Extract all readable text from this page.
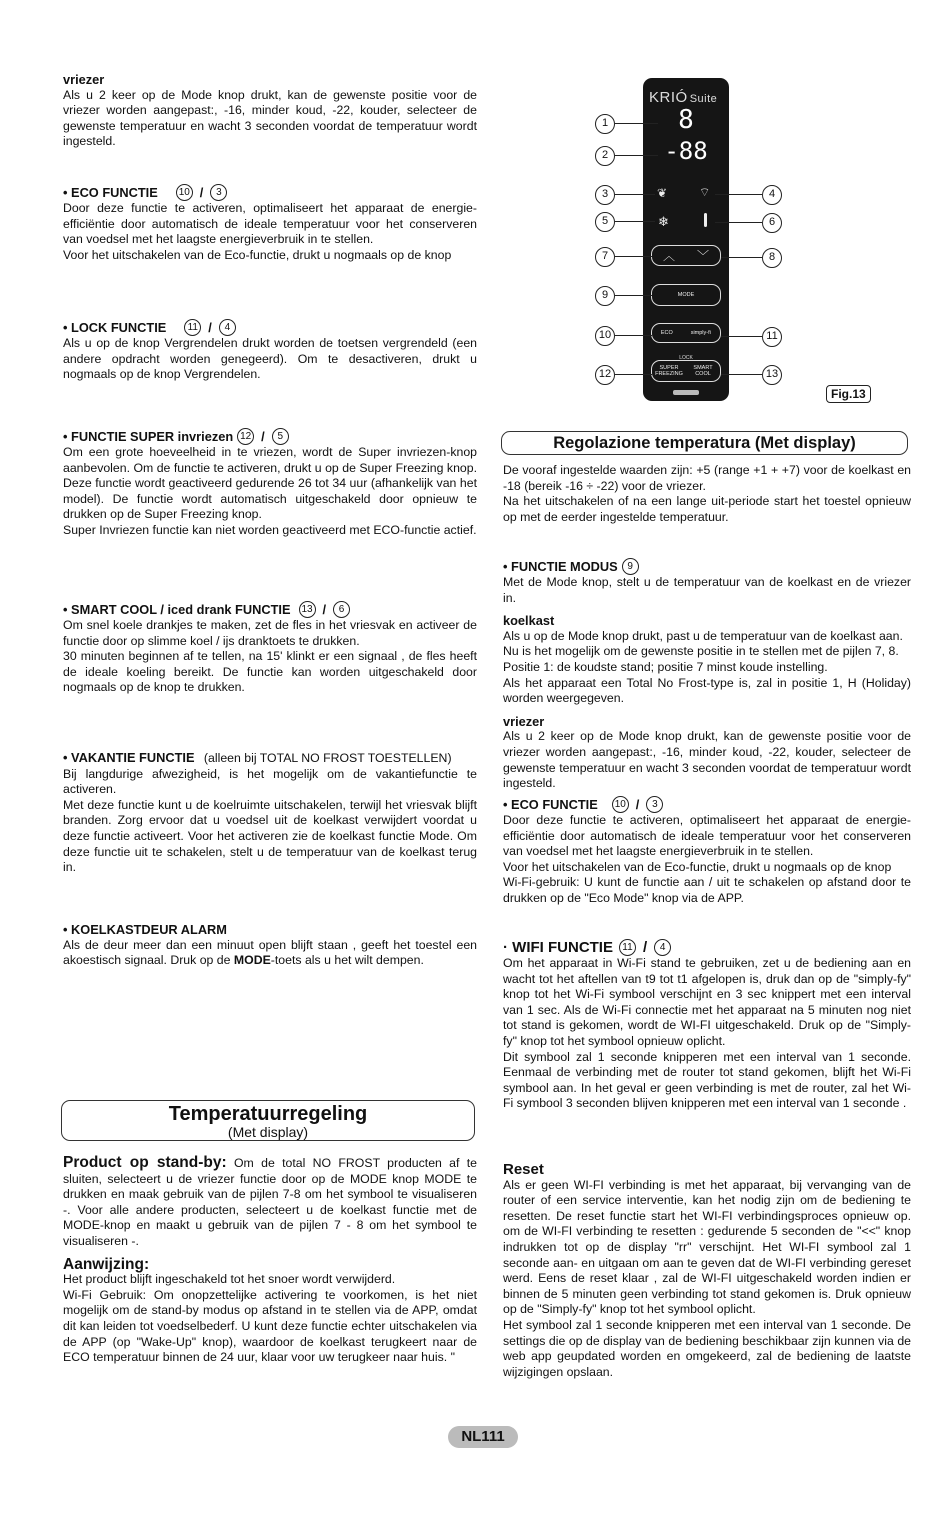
vriezer

Als u 2 keer op de Mode knop drukt, kan de gewenste positie voor de vriezer worden aangepast:, -16, minder koud, -22, kouder, selecteer de gewenste temperatuur en wacht 3 seconden voordat de temperatuur wordt ingesteld.

• ECO FUNCTIE 10 /	3

Door deze functie te activeren, optimaliseert het apparaat de energie-efficiëntie door automatisch de ideale temperatuur voor het conserveren van voedsel met het laagste energieverbruik in te stellen.

Voor het uitschakelen van de Eco-functie, drukt u nogmaals op de knop

• LOCK FUNCTIE	11 /	4

Als u op de knop Vergrendelen drukt worden de toetsen vergrendeld (een andere opdracht worden genegeerd). Om te desactiveren, drukt u nogmaals op de knop Vergrendelen.

• FUNCTIE SUPER invriezen 12 /	5

Om een grote hoeveelheid in te vriezen, wordt de Super invriezen-knop aanbevolen. Om de functie te activeren, drukt u op de Super Freezing knop. Deze functie wordt geactiveerd gedurende 26 tot 34 uur (afhankelijk van het model). De functie wordt automatisch uitgeschakeld door opnieuw te drukken op de Super Freezing knop.

Super Invriezen functie kan niet worden geactiveerd met ECO-functie actief.

• SMART COOL / iced drank FUNCTIE 13 /	6

Om snel koele drankjes te maken, zet de fles in het vriesvak en activeer de functie door op slimme koel / ijs dranktoets te drukken.

30 minuten beginnen af te tellen, na 15' klinkt er een signaal , de fles heeft de ideale koeling bereikt. De functie kan worden uitgeschakeld door nogmaals op de knop te drukken.

• VAKANTIE FUNCTIE (alleen bij TOTAL NO FROST TOESTELLEN)

Bij langdurige afwezigheid, is het mogelijk om de vakantiefunctie te activeren.

Met deze functie kunt u de koelruimte uitschakelen, terwijl het vriesvak blijft branden. Zorg ervoor dat u voedsel uit de koelkast verwijdert voordat u deze functie activeert. Voor het activeren zie de koelkast functie Mode. Om deze functie uit te schakelen, stelt u de temperatuur van de koelkast terug in.

• KOELKASTDEUR ALARM

Als de deur meer dan een minuut open blijft staan , geeft het toestel een akoestisch signaal. Druk op de MODE-toets als u het wilt dempen.

Temperatuurregeling
(Met display)

Product op stand-by: Om de total NO FROST producten af te sluiten, selecteert u de vriezer functie door op de MODE knop MODE te drukken en maak gebruik van de pijlen 7-8 om het symbool te visualiseren -. Voor alle andere producten, selecteert u de koelkast functie met de MODE-knop en maakt u gebruik van de pijlen 7 - 8 om het symbool te visualiseren -.

Aanwijzing:

Het product blijft ingeschakeld tot het snoer wordt verwijderd.

Wi-Fi Gebruik: Om onopzettelijke activering te voorkomen, is het niet mogelijk om de stand-by modus op afstand in te stellen via de APP, omdat dit kan leiden tot voedselbederf. U kunt deze functie echter uitschakelen via de APP (op "Wake-Up" knop), waardoor de koelkast terugkeert naar de ECO temperatuur binnen de 24 uur, klaar voor uw terugkeer naar huis. "

KRIÓ Suite
8
-88
❦	⌔
❄
︿	﹀
MODE
ECO	simply-fi
LOCK
SUPER FREEZING
SMART COOL
1
2
3	4
5	6
7	8
9
10	11
12	13
Fig.13
Regolazione temperatura (Met display)

De vooraf ingestelde waarden zijn: +5 (range +1 + +7) voor de koelkast en -18 (bereik -16 ÷ -22) voor de vriezer.

Na het uitschakelen of na een lange uit-periode start het toestel opnieuw op met de eerder ingestelde temperatuur.

• FUNCTIE MODUS 9

Met de Mode knop, stelt u de temperatuur van de koelkast en de vriezer in.

koelkast

Als u op de Mode knop drukt, past u de temperatuur van de koelkast aan.

Nu is het mogelijk om de gewenste positie in te stellen met de pijlen 7, 8.

Positie 1: de koudste stand; positie 7 minst koude instelling.

Als het apparaat een Total No Frost-type is, zal in positie 1, H (Holiday) worden weergegeven.

vriezer

Als u 2 keer op de Mode knop drukt, kan de gewenste positie voor de vriezer worden aangepast:, -16, minder koud, -22, kouder, selecteer de gewenste temperatuur en wacht 3 seconden voordat de temperatuur wordt ingesteld.

• ECO FUNCTIE 10 /	3

Door deze functie te activeren, optimaliseert het apparaat de energie-efficiëntie door automatisch de ideale temperatuur voor het conserveren van voedsel met het laagste energieverbruik in te stellen.

Voor het uitschakelen van de Eco-functie, drukt u nogmaals op de knop

Wi-Fi-gebruik: U kunt de functie aan / uit te schakelen op afstand door te drukken op de "Eco Mode" knop via de APP.

· WIFI FUNCTIE 11 /	4

Om het apparaat in Wi-Fi stand te gebruiken, zet u de bediening aan en wacht tot het aftellen van t9 tot t1 afgelopen is, druk dan op de "simply-fy" knop tot het Wi-Fi symbool verschijnt en 3 sec knippert met een interval van 1 sec. Als de Wi-Fi connectie met het apparaat na 5 minuten nog niet tot stand is gekomen, wordt de WI-FI uitgeschakeld. Druk op de "Simply-fy" knop tot het symbool opnieuw oplicht.

Dit symbool zal 1 seconde knipperen met een interval van 1 seconde. Eenmaal de verbinding met de router tot stand gekomen, blijft het Wi-Fi symbool aan. In het geval er geen verbinding is met de router, zal het Wi-Fi symbool 3 seconden blijven knipperen met een interval van 1 seconde .

Reset

Als er geen WI-FI verbinding is met het apparaat, bij vervanging van de router of een service interventie, kan het nodig zijn om de bediening te resetten. De reset functie start het WI-FI verbindingsproces opnieuw op. om de WI-FI verbinding te resetten : gedurende 5 seconden de "<<" knop indrukken tot op de display "rr" verschijnt. Het WI-FI symbool zal 1 seconde aan- en uitgaan om aan te geven dat de WI-FI verbinding gereset werd. Eens de reset klaar , zal de WI-FI uitgeschakeld worden indien er binnen de 5 minuten geen verbinding tot stand gekomen is. Druk opnieuw op de "Simply-fy" knop tot het symbool oplicht.

Het symbool zal 1 seconde knipperen met een interval van 1 seconde. De settings die op de display van de bediening beschikbaar zijn kunnen via de web app geupdated worden en omgekeerd, zal de bediening de laatste wijzigingen opslaan.

NL111
